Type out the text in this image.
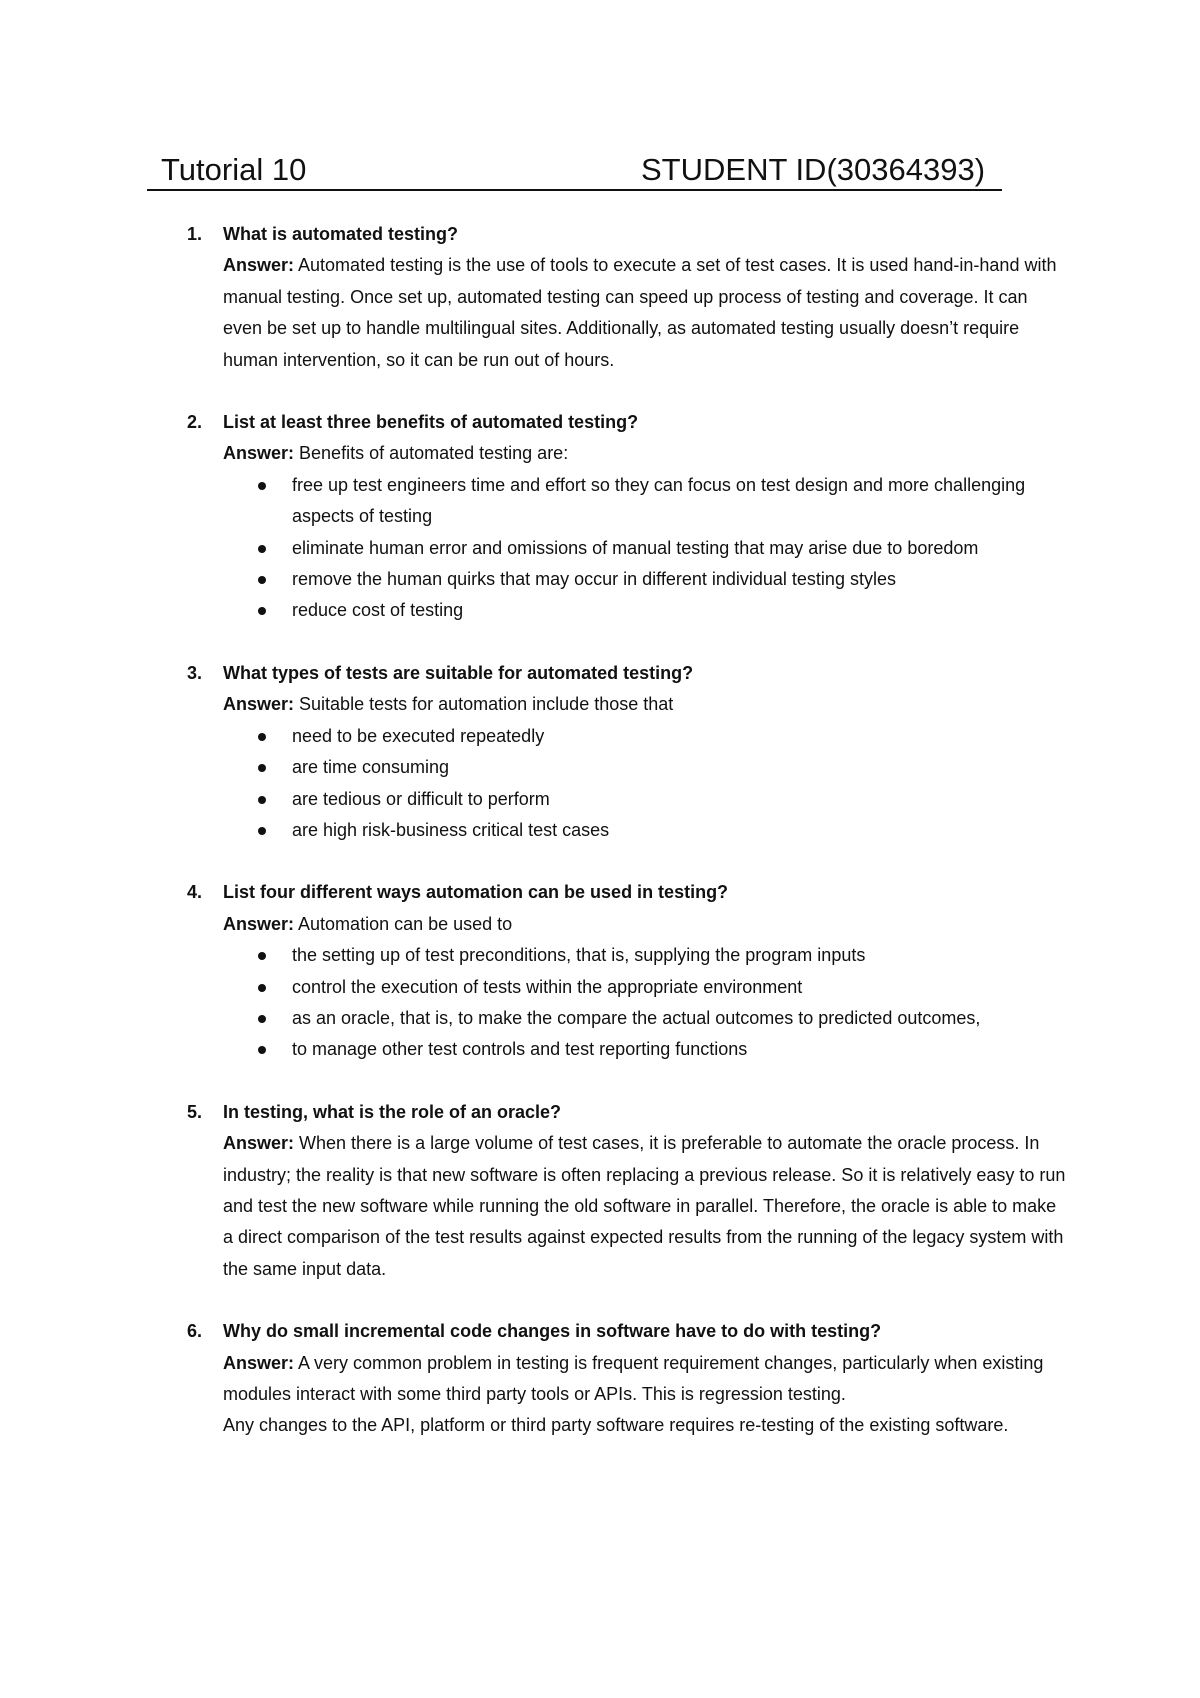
Tutorial 10	STUDENT ID(30364393)
1. What is automated testing?
Answer: Automated testing is the use of tools to execute a set of test cases. It is used hand-in-hand with manual testing. Once set up, automated testing can speed up process of testing and coverage. It can even be set up to handle multilingual sites. Additionally, as automated testing usually doesn’t require human intervention, so it can be run out of hours.
2. List at least three benefits of automated testing?
Answer: Benefits of automated testing are:
free up test engineers time and effort so they can focus on test design and more challenging aspects of testing
eliminate human error and omissions of manual testing that may arise due to boredom
remove the human quirks that may occur in different individual testing styles
reduce cost of testing
3. What types of tests are suitable for automated testing?
Answer: Suitable tests for automation include those that
need to be executed repeatedly
are time consuming
are tedious or difficult to perform
are high risk-business critical test cases
4. List four different ways automation can be used in testing?
Answer: Automation can be used to
the setting up of test preconditions, that is, supplying the program inputs
control the execution of tests within the appropriate environment
as an oracle, that is, to make the compare the actual outcomes to predicted outcomes,
to manage other test controls and test reporting functions
5. In testing, what is the role of an oracle?
Answer: When there is a large volume of test cases, it is preferable to automate the oracle process. In industry; the reality is that new software is often replacing a previous release. So it is relatively easy to run and test the new software while running the old software in parallel. Therefore, the oracle is able to make a direct comparison of the test results against expected results from the running of the legacy system with the same input data.
6. Why do small incremental code changes in software have to do with testing?
Answer: A very common problem in testing is frequent requirement changes, particularly when existing modules interact with some third party tools or APIs. This is regression testing.
Any changes to the API, platform or third party software requires re-testing of the existing software.
